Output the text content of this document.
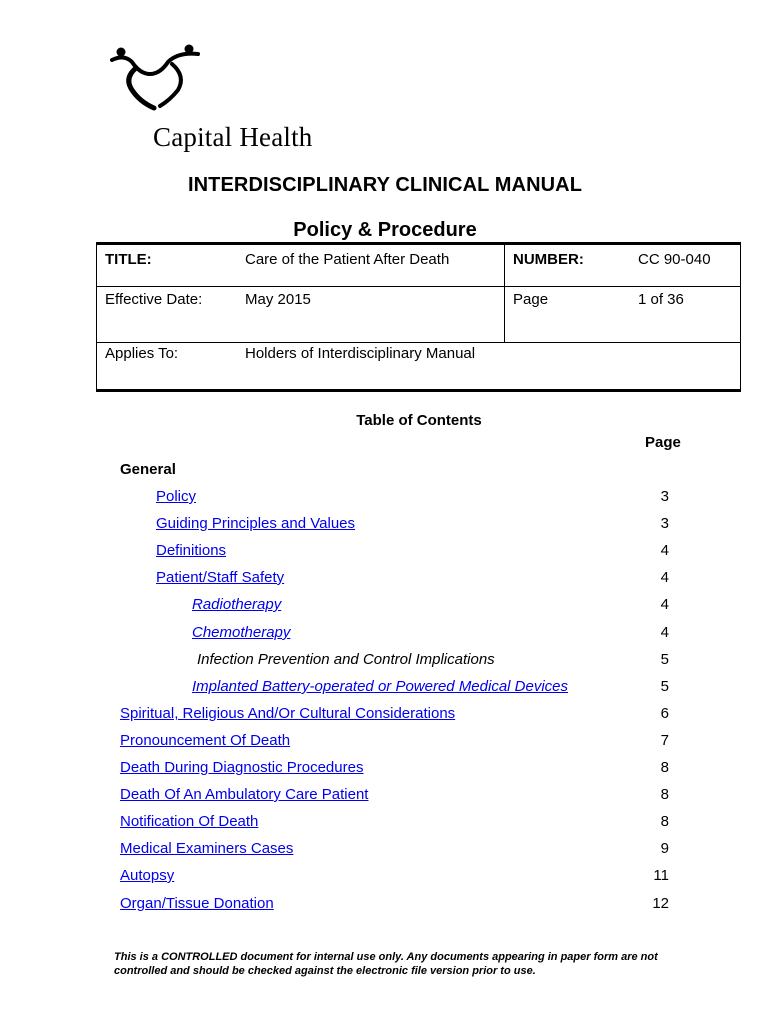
Capital Health
INTERDISCIPLINARY CLINICAL MANUAL
Policy & Procedure
TITLE:	Care of the Patient After Death	NUMBER:	CC 90-040
Effective Date:	May 2015	Page	1 of 36
Applies To:	Holders of Interdisciplinary Manual
Table of Contents
Page
General
Policy	3
Guiding Principles and Values	3
Definitions	4
Patient/Staff Safety	4
Radiotherapy	4
Chemotherapy	4
Infection Prevention and Control Implications	5
Implanted Battery-operated or Powered Medical Devices	5
Spiritual, Religious And/Or Cultural Considerations	6
Pronouncement Of Death	7
Death During Diagnostic Procedures	8
Death Of An Ambulatory Care Patient	8
Notification Of Death	8
Medical Examiners Cases	9
Autopsy	11
Organ/Tissue Donation	12
This is a CONTROLLED document for internal use only. Any documents appearing in paper form are not controlled and should be checked against the electronic file version prior to use.
